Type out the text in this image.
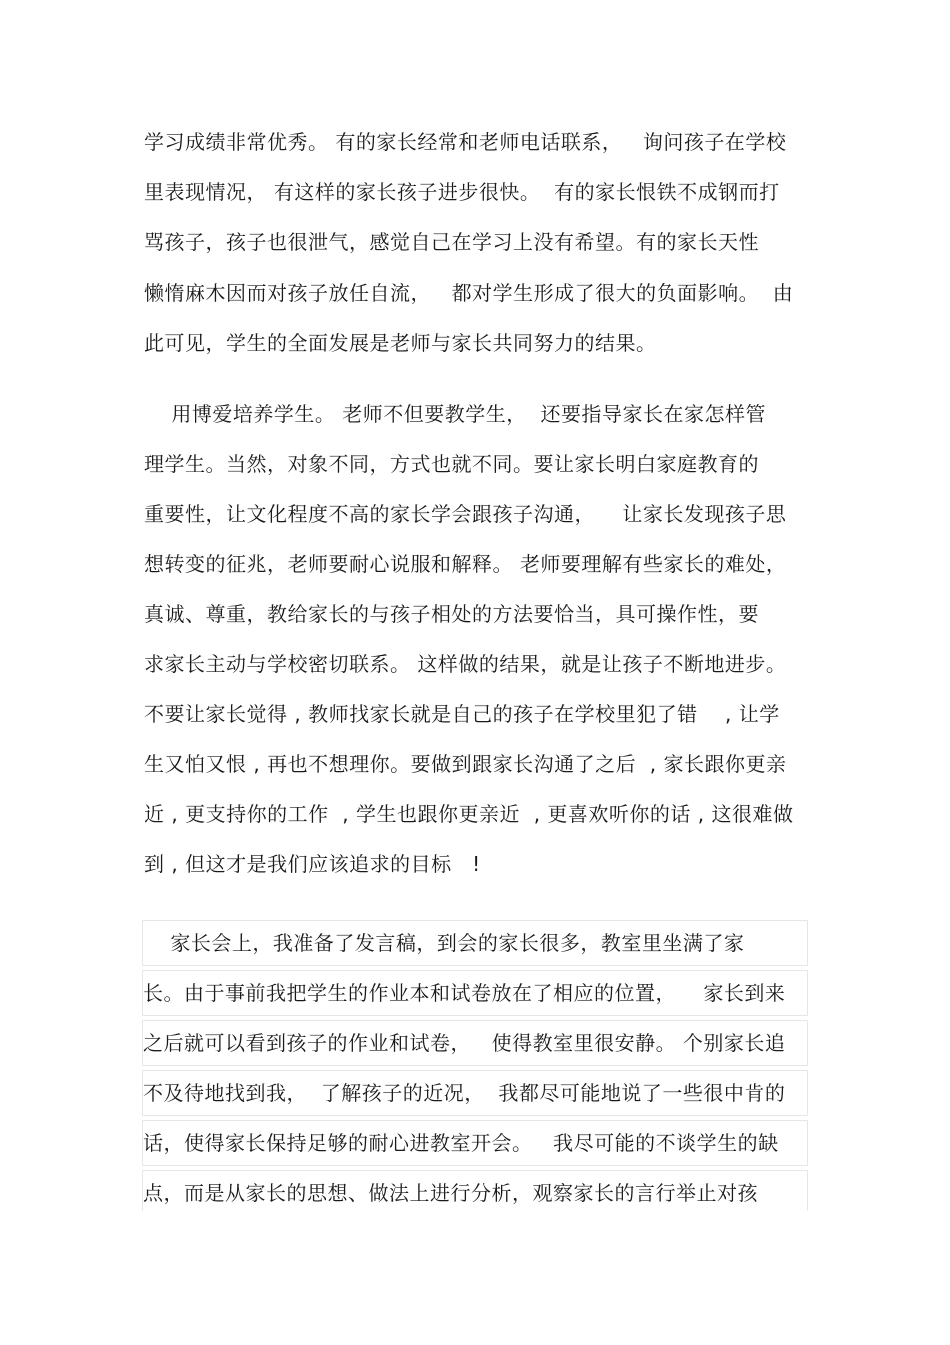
学习成绩非常优秀。 有的家长经常和老师电话联系，   询问孩子在学校
里表现情况， 有这样的家长孩子进步很快。  有的家长恨铁不成钢而打
骂孩子，孩子也很泄气，感觉自己在学习上没有希望。有的家长天性
懒惰麻木因而对孩子放任自流，   都对学生形成了很大的负面影响。  由
此可见，学生的全面发展是老师与家长共同努力的结果。
用博爱培养学生。 老师不但要教学生，  还要指导家长在家怎样管
理学生。当然，对象不同，方式也就不同。要让家长明白家庭教育的
重要性，让文化程度不高的家长学会跟孩子沟通，    让家长发现孩子思
想转变的征兆，老师要耐心说服和解释。 老师要理解有些家长的难处，
真诚、尊重，教给家长的与孩子相处的方法要恰当，具可操作性，要
求家长主动与学校密切联系。 这样做的结果，就是让孩子不断地进步。
不要让家长觉得 , 教师找家长就是自己的孩子在学校里犯了错    , 让学
生又怕又恨 , 再也不想理你。要做到跟家长沟通了之后  , 家长跟你更亲
近 , 更支持你的工作  , 学生也跟你更亲近  , 更喜欢听你的话 , 这很难做
到 , 但这才是我们应该追求的目标   !
家长会上，我准备了发言稿，到会的家长很多，教室里坐满了家
长。由于事前我把学生的作业本和试卷放在了相应的位置，    家长到来
之后就可以看到孩子的作业和试卷，   使得教室里很安静。 个别家长追
不及待地找到我，  了解孩子的近况，  我都尽可能地说了一些很中肯的
话，使得家长保持足够的耐心进教室开会。   我尽可能的不谈学生的缺
点，而是从家长的思想、做法上进行分析，观察家长的言行举止对孩
